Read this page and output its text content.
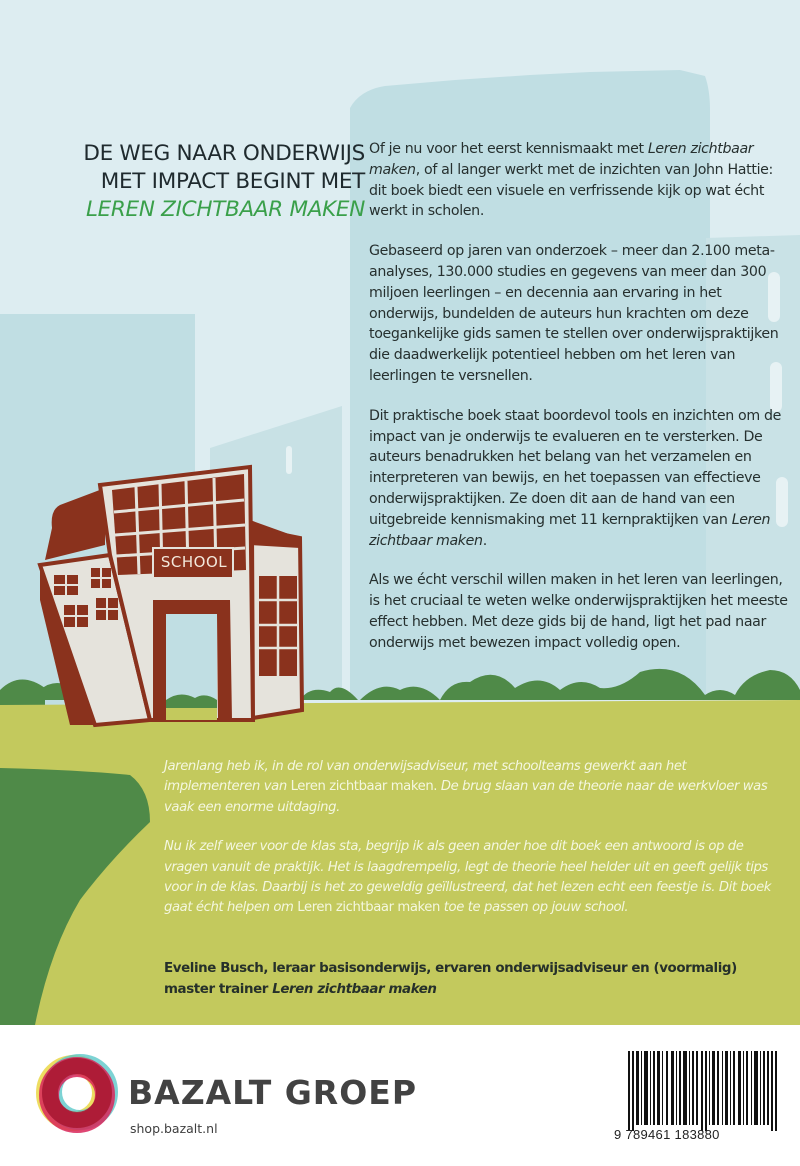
SCHOOL
DE WEG NAAR ONDERWIJS
MET IMPACT BEGINT MET
LEREN ZICHTBAAR MAKEN

Of je nu voor het eerst kennismaakt met Leren zichtbaar maken, of al langer werkt met de inzichten van John Hattie: dit boek biedt een visuele en verfrissende kijk op wat écht werkt in scholen.

Gebaseerd op jaren van onderzoek – meer dan 2.100 meta-analyses, 130.000 studies en gegevens van meer dan 300 miljoen leerlingen – en decennia aan ervaring in het onderwijs, bundelden de auteurs hun krachten om deze toegankelijke gids samen te stellen over onderwijspraktijken die daadwerkelijk potentieel hebben om het leren van leerlingen te versnellen.

Dit praktische boek staat boordevol tools en inzichten om de impact van je onderwijs te evalueren en te versterken. De auteurs benadrukken het belang van het verzamelen en interpreteren van bewijs, en het toepassen van effectieve onderwijspraktijken. Ze doen dit aan de hand van een uitgebreide kennismaking met 11 kernpraktijken van Leren zichtbaar maken.

Als we écht verschil willen maken in het leren van leerlingen, is het cruciaal te weten welke onderwijspraktijken het meeste effect hebben. Met deze gids bij de hand, ligt het pad naar onderwijs met bewezen impact volledig open.

Jarenlang heb ik, in de rol van onderwijsadviseur, met schoolteams gewerkt aan het implementeren van Leren zichtbaar maken. De brug slaan van de theorie naar de werkvloer was vaak een enorme uitdaging.

Nu ik zelf weer voor de klas sta, begrijp ik als geen ander hoe dit boek een antwoord is op de vragen vanuit de praktijk. Het is laagdrempelig, legt de theorie heel helder uit en geeft gelijk tips voor in de klas. Daarbij is het zo geweldig geïllustreerd, dat het lezen echt een feestje is. Dit boek gaat écht helpen om Leren zichtbaar maken toe te passen op jouw school.

Eveline Busch, leraar basisonderwijs, ervaren onderwijsadviseur en (voormalig) master trainer Leren zichtbaar maken
BAZALT GROEP
shop.bazalt.nl	9 789461 183880
